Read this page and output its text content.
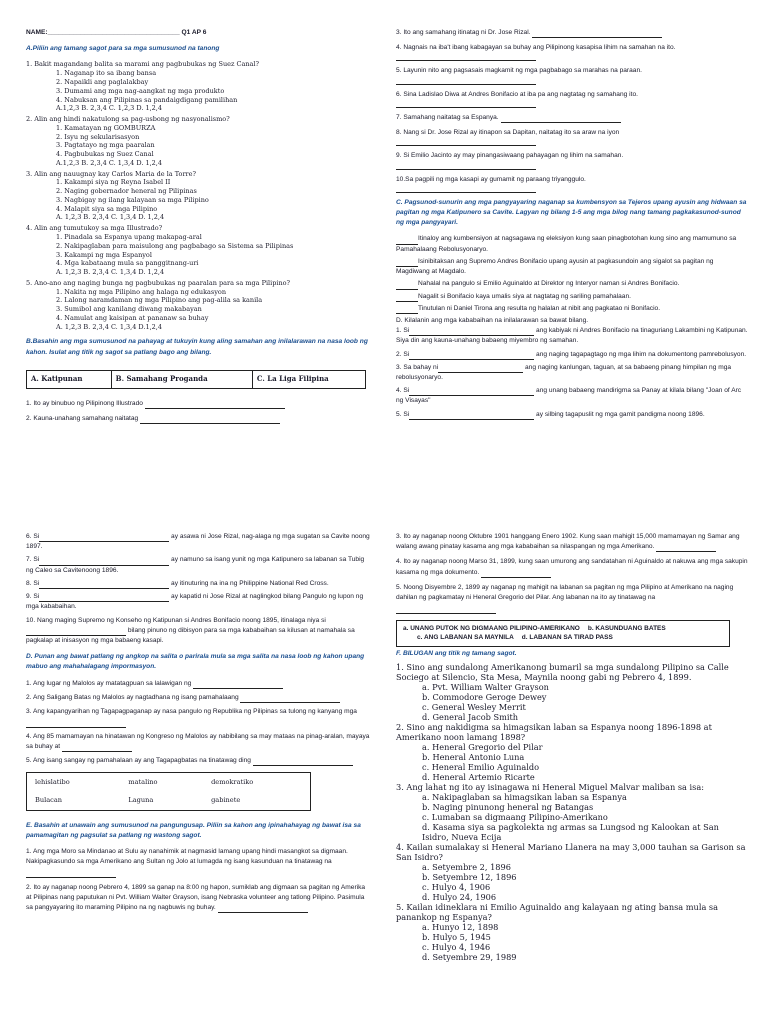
NAME:____________________________________ Q1 AP 6
A.Piliin ang tamang sagot para sa mga sumusunod na tanong
1. Bakit magandang balita sa marami ang pagbubukas ng Suez Canal?
1. Naganap ito sa ibang bansa
2. Napaikli ang paglalakbay
3. Dumami ang mga nag-aangkat ng mga produkto
4. Nabuksan ang Pilipinas sa pandaigdigang pamilihan
A.1,2,3 B. 2,3,4 C. 1,2,3 D. 1,2,4
2. Alin ang hindi nakatulong sa pag-usbong ng nasyonalismo?
1. Kamatayan ng GOMBURZA
2. Isyu ng sekularisasyon
3. Pagtatayo ng mga paaralan
4. Pagbubukas ng Suez Canal
A.1,2,3 B. 2,3,4 C. 1,3,4 D. 1,2,4
3. Alin ang nauugnay kay Carlos Maria de la Torre?
1. Kakampi siya ng Reyna Isabel II
2. Naging gobernador heneral ng Pilipinas
3. Nagbigay ng ilang kalayaan sa mga Pilipino
4. Malapit siya sa mga Pilipino
A. 1,2,3 B. 2,3,4 C. 1,3,4 D. 1,2,4
4. Alin ang tumutukoy sa mga Illustrado?
1. Pinadala sa Espanya upang makapag-aral
2. Nakipaglaban para maisulong ang pagbabago sa Sistema sa Pilipinas
3. Kakampi ng mga Espanyol
4. Mga kabataang mula sa panggitnang-uri
A. 1,2,3 B. 2,3,4 C. 1,3,4 D. 1,2,4
5. Ano-ano ang naging bunga ng pagbubukas ng paaralan para sa mga Pilipino?
1. Nakita ng mga Pilipino ang halaga ng edukasyon
2. Lalong naramdaman ng mga Pilipino ang pag-alila sa kanila
3. Sumibol ang kanilang diwang makabayan
4. Namulat ang kaisipan at pananaw sa buhay
A. 1,2,3 B. 2,3,4 C. 1,3,4 D.1,2,4
B.Basahin ang mga sumusunod na pahayag at tukuyin kung aling samahan ang inilalarawan na nasa loob ng kahon. Isulat ang titik ng sagot sa patlang bago ang bilang.
A. Katipunan	B. Samahang Proganda	C. La Liga Filipina
1. Ito ay binubuo ng Pilipinong Illustrado
2. Kauna-unahang samahang naitatag
3. Ito ang samahang itinatag ni Dr. Jose Rizal.
4. Nagnais na iba't ibang kabagayan sa buhay ang Pilipinong kasapisa lihim na samahan na ito.
5. Layunin nito ang pagsasais magkamit ng mga pagbabago sa marahas na paraan.
6. Sina Ladislao Diwa at Andres Bonifacio at iba pa ang nagtatag ng samahang ito.
7. Samahang naitatag sa Espanya.
8. Nang si Dr. Jose Rizal ay itinapon sa Dapitan, naitatag ito sa araw na iyon
9. Si Emilio Jacinto ay may pinangasiwaang pahayagan ng lihim na samahan.
10.Sa pagpili ng mga kasapi ay gumamit ng paraang triyanggulo.
C. Pagsunod-sunurin ang mga pangyayaring naganap sa kumbensyon sa Tejeros upang ayusin ang hidwaan sa pagitan ng mga Katipunero sa Cavite. Lagyan ng bilang 1-5 ang mga bilog nang tamang pagkakasunod-sunod ng mga pangyayari.
Itinaloy ang kumbensiyon at nagsagawa ng eleksiyon kung saan pinagbotohan kung sino ang mamumuno sa Pamahalaang Rebolusyonaryo.
Isinibitaksan ang Supremo Andres Bonifacio upang ayusin at pagkasundoin ang sigalot sa pagitan ng Magdiwang at Magdalo.
Nahalal na pangulo si Emilio Aguinaldo at Direktor ng Interyor naman si Andres Bonifacio.
Nagalit si Bonifacio kaya umalis siya at nagtatag ng sariling pamahalaan.
Tinutulan ni Daniel Tirona ang resulta ng halalan at nibit ang pagkatao ni Bonifacio.
D. Kilalanin ang mga kababaihan na inilalarawan sa bawat bilang.
1. Si	ang kabiyak ni Andres Bonifacio na tinaguriang Lakambini ng Katipunan. Siya din ang kauna-unahang babaeng miyembro ng samahan.
2. Si	ang naging tagapagtago ng mga lihim na dokumentong pamrebolusyon.
3. Sa bahay ni	ang naging kanlungan, taguan, at sa babaeng pinang himpilan ng mga rebolusyonaryo.
4. Si	ang unang babaeng mandirigma sa Panay at kilala bilang "Joan of Arc ng Visayas"
5. Si	ay silbing tagapuslit ng mga gamit pandigma noong 1896.
6. Si	ay asawa ni Jose Rizal, nag-alaga ng mga sugatan sa Cavite noong 1897.
7. Si	ay namuno sa isang yunit ng mga Katipunero sa labanan sa Tubig ng Caleo sa Cavitenoong 1896.
8. Si	ay itinuturing na ina ng Philippine National Red Cross.
9. Si	ay kapatid ni Jose Rizal at naglingkod bilang Pangulo ng lupon ng mga kababaihan.
10. Nang maging Supremo ng Konseho ng Katipunan si Andres Bonifacio noong 1895, itinalaga niya si bilang pinuno ng dibisyon para sa mga kababaihan sa kilusan at namahala sa pagkalap at inisasyon ng mga babaeng kasapi.
D. Punan ang bawat patlang ng angkop na salita o parirala mula sa mga salita na nasa loob ng kahon upang mabuo ang mahahalagang impormasyon.
1. Ang lugar ng Malolos ay matatagpuan sa lalawigan ng
2. Ang Saligang Batas ng Malolos ay nagtadhana ng isang pamahalaang
3. Ang kapangyarihan ng Tagapagpaganap ay nasa pangulo ng Republika ng Pilipinas sa tulong ng kanyang mga
4. Ang 85 mamamayan na hinatawan ng Kongreso ng Malolos ay nabibilang sa may mataas na pinag-aralan, mayaya sa buhay at
5. Ang isang sangay ng pamahalaan ay ang Tagapagbatas na tinatawag ding
lehislatibo	matalino	demokratiko
Bulacan	Laguna	gabinete
E. Basahin at unawain ang sumusunod na pangungusap. Piliin sa kahon ang ipinahahayag ng bawat isa sa pamamagitan ng pagsulat sa patlang ng wastong sagot.
1. Ang mga Moro sa Mindanao at Sulu ay nanahimik at nagmasid lamang upang hindi masangkot sa digmaan. Nakipagkasundo sa mga Amerikano ang Sultan ng Jolo at lumagda ng isang kasunduan na tinatawag na
2. Ito ay naganap noong Pebrero 4, 1899 sa ganap na 8:00 ng hapon, sumiklab ang digmaan sa pagitan ng Amerika at Pilipinas nang paputukan ni Pvt. William Walter Grayson, isang Nebraska volunteer ang tatlong Pilipino. Pasimula sa pangyayaring ito maraming Pilipino na ng nagbuwis ng buhay.
3. Ito ay naganap noong Oktubre 1901 hanggang Enero 1902. Kung saan mahigit 15,000 mamamayan ng Samar ang walang awang pinatay kasama ang mga kababaihan sa nilaspangan ng mga Amerikano.
4. Ito ay naganap noong Marso 31, 1899, kung saan umurong ang sandatahan ni Aguinaldo at nakuwa ang mga sakupin kasama ng mga dokumento.
5. Noong Disyembre 2, 1899 ay naganap ng mahigit na labanan sa pagitan ng mga Pilipino at Amerikano na naging dahilan ng pagkamatay ni Heneral Gregorio del Pilar. Ang labanan na ito ay tinatawag na
a. UNANG PUTOK NG DIGMAANG PILIPINO-AMERIKANO b. KASUNDUANG BATES
c. ANG LABANAN SA MAYNILA d. LABANAN SA TIRAD PASS
F. BILUGAN ang titik ng tamang sagot.
1. Sino ang sundalong Amerikanong bumaril sa mga sundalong Pilipino sa Calle Sociego at Silencio, Sta Mesa, Maynila noong gabi ng Pebrero 4, 1899.
a. Pvt. William Walter Grayson
b. Commodore Geroge Dewey
c. General Wesley Merrit
d. General Jacob Smith
2. Sino ang nakidigma sa himagsikan laban sa Espanya noong 1896-1898 at Amerikano noon lamang 1898?
a. Heneral Gregorio del Pilar
b. Heneral Antonio Luna
c. Heneral Emilio Aguinaldo
d. Heneral Artemio Ricarte
3. Ang lahat ng ito ay isinagawa ni Heneral Miguel Malvar maliban sa isa:
a. Nakipaglaban sa himagsikan laban sa Espanya
b. Naging pinunong heneral ng Batangas
c. Lumaban sa digmaang Pilipino-Amerikano
d. Kasama siya sa pagkolekta ng armas sa Lungsod ng Kalookan at San Isidro, Nueva Ecija
4. Kailan sumalakay si Heneral Mariano Llanera na may 3,000 tauhan sa Garison sa San Isidro?
a. Setyembre 2, 1896
b. Setyembre 12, 1896
c. Hulyo 4, 1906
d. Hulyo 24, 1906
5. Kailan idineklara ni Emilio Aguinaldo ang kalayaan ng ating bansa mula sa panankop ng Espanya?
a. Hunyo 12, 1898
b. Hulyo 5, 1945
c. Hulyo 4, 1946
d. Setyembre 29, 1989
